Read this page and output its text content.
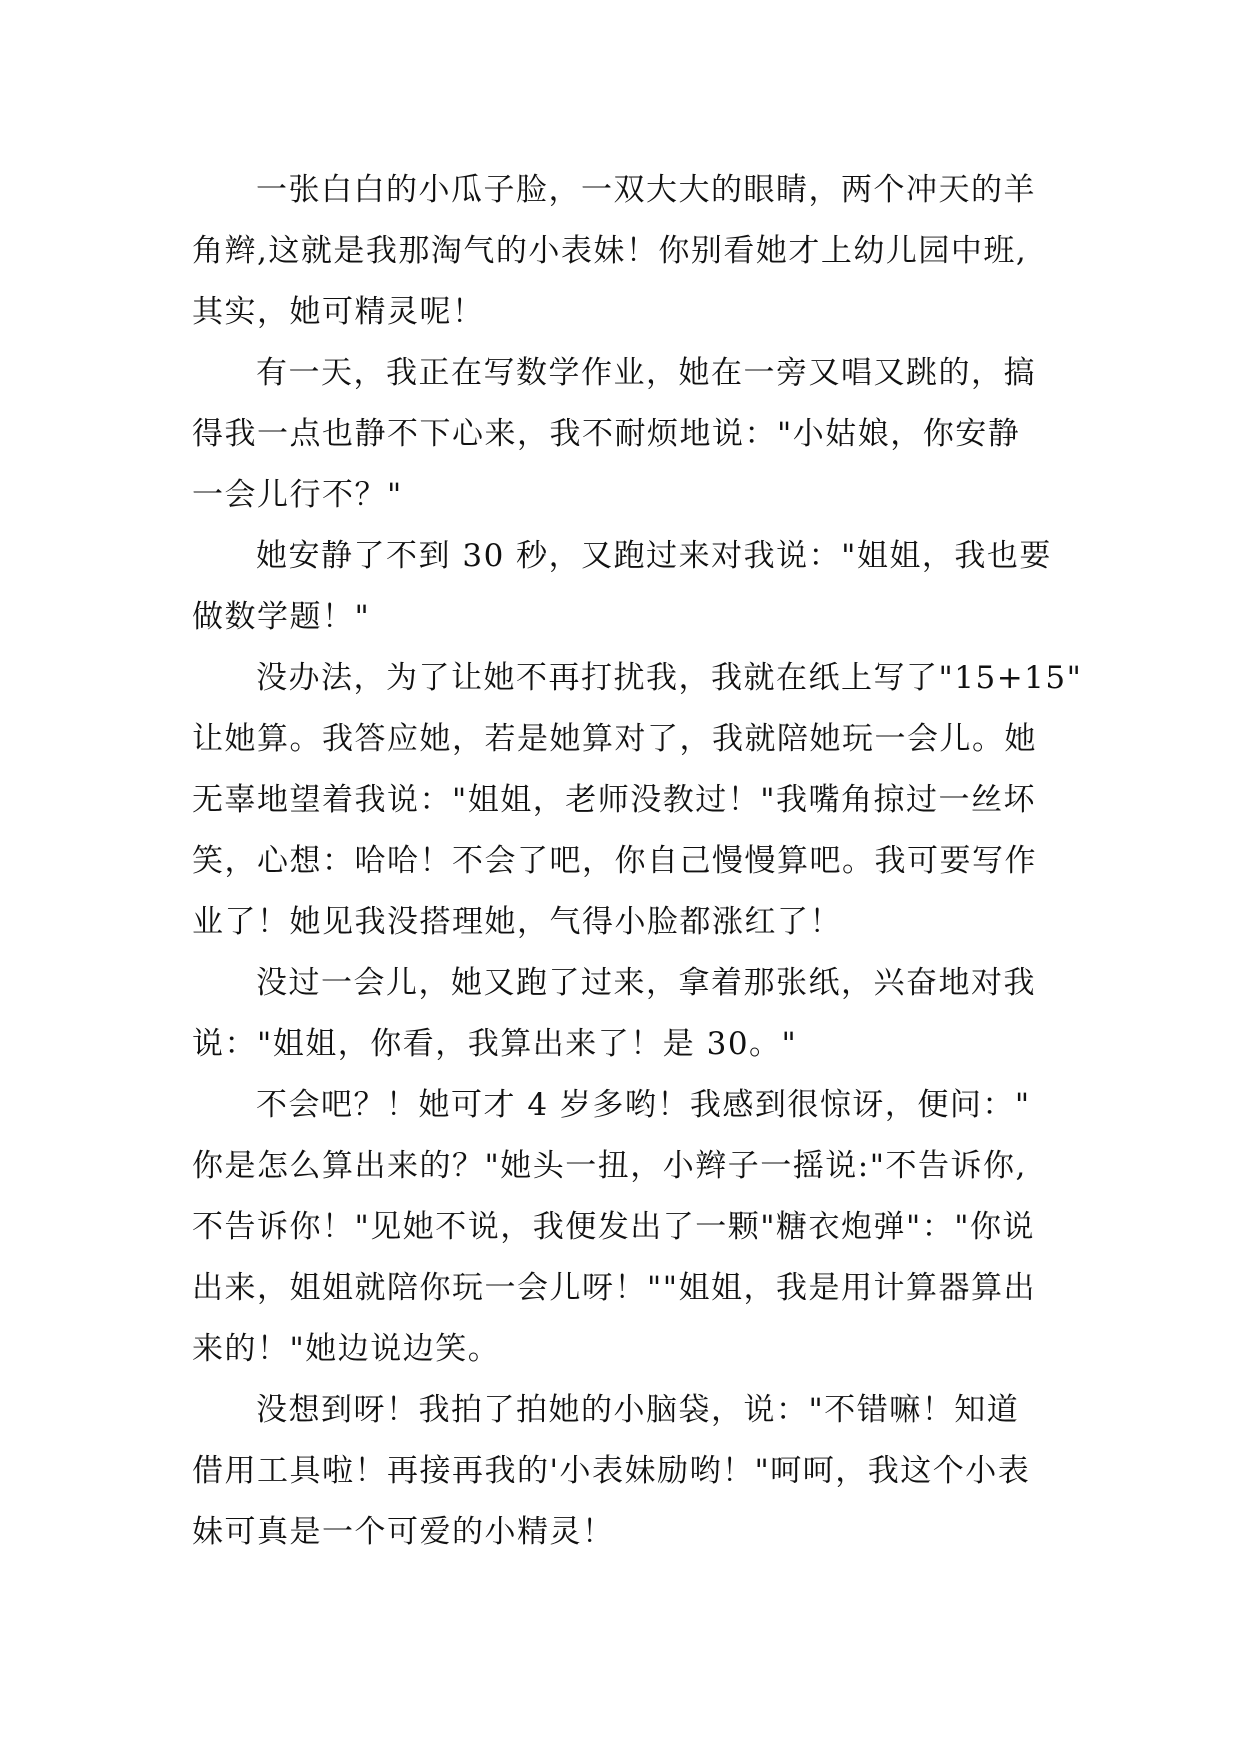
一张白白的小瓜子脸，一双大大的眼睛，两个冲天的羊
角辫,这就是我那淘气的小表妹！你别看她才上幼儿园中班,
其实，她可精灵呢！
有一天，我正在写数学作业，她在一旁又唱又跳的，搞
得我一点也静不下心来，我不耐烦地说："小姑娘，你安静
一会儿行不？"
她安静了不到 30 秒，又跑过来对我说："姐姐，我也要
做数学题！"
没办法，为了让她不再打扰我，我就在纸上写了"15+15"
让她算。我答应她，若是她算对了，我就陪她玩一会儿。她
无辜地望着我说："姐姐，老师没教过！"我嘴角掠过一丝坏
笑，心想：哈哈！不会了吧，你自己慢慢算吧。我可要写作
业了！她见我没搭理她，气得小脸都涨红了！
没过一会儿，她又跑了过来，拿着那张纸，兴奋地对我
说："姐姐，你看，我算出来了！是 30。"
不会吧？！她可才 4 岁多哟！我感到很惊讶，便问："
你是怎么算出来的？"她头一扭，小辫子一摇说:"不告诉你,
不告诉你！"见她不说，我便发出了一颗"糖衣炮弹"："你说
出来，姐姐就陪你玩一会儿呀！""姐姐，我是用计算器算出
来的！"她边说边笑。
没想到呀！我拍了拍她的小脑袋，说："不错嘛！知道
借用工具啦！再接再我的'小表妹励哟！"呵呵，我这个小表
妹可真是一个可爱的小精灵！
